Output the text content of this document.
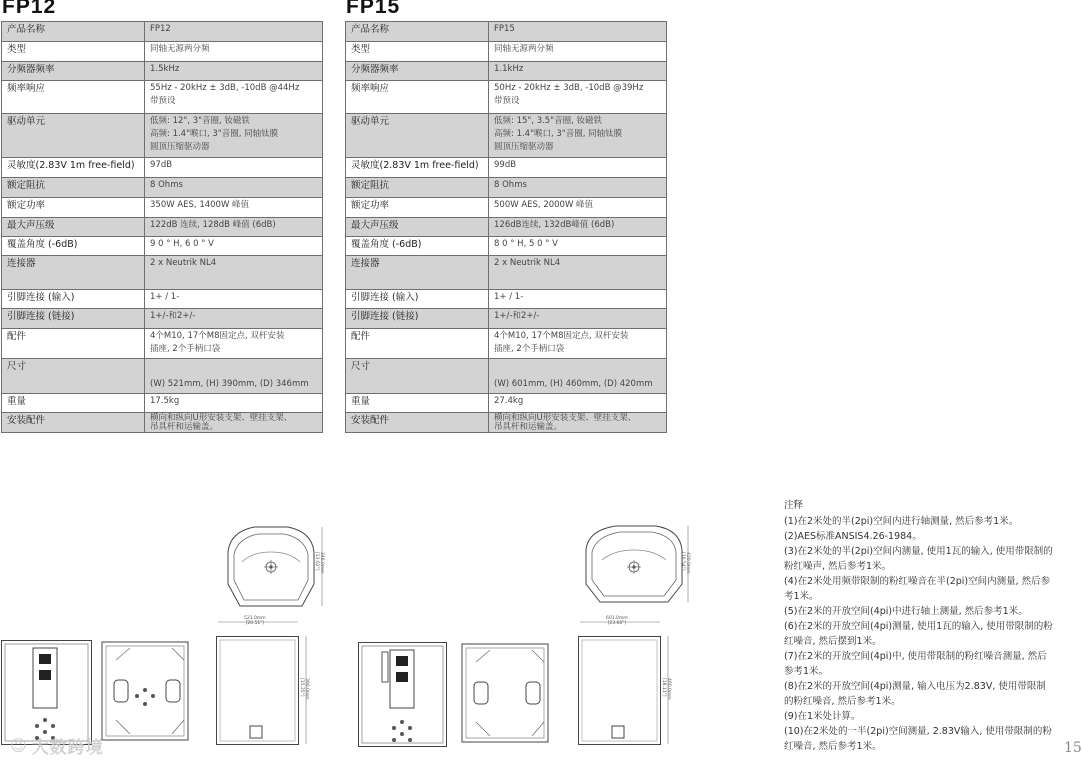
FP12	FP15
产品名称	FP12
类型	同轴无源两分频
分频器频率	1.5kHz
频率响应	55Hz - 20kHz ± 3dB, -10dB @44Hz
带预设
驱动单元	低频: 12", 3"音圈, 钕磁铁
高频: 1.4"喉口, 3"音圈, 同轴钛膜
圆顶压缩驱动器
灵敏度(2.83V 1m free-field)	97dB
额定阻抗	8 Ohms
额定功率	350W AES, 1400W 峰值
最大声压级	122dB 连续, 128dB 峰值 (6dB)
覆盖角度 (-6dB)	9 0 ° H, 6 0 ° V
连接器	2 x Neutrik NL4
引脚连接 (输入)	1+ / 1-
引脚连接 (链接)	1+/-和2+/-
配件	4个M10, 17个M8固定点, 双杆安装
插座, 2个手柄口袋
尺寸	(W) 521mm, (H) 390mm, (D) 346mm
重量	17.5kg
安装配件	横向和纵向U形安装支架、壁挂支架、
吊具杆和运输盖。
产品名称	FP15
类型	同轴无源两分频
分频器频率	1.1kHz
频率响应	50Hz - 20kHz ± 3dB, -10dB @39Hz
带预设
驱动单元	低频: 15", 3.5"音圈, 钕磁铁
高频: 1.4"喉口, 3"音圈, 同轴钛膜
圆顶压缩驱动器
灵敏度(2.83V 1m free-field)	99dB
额定阻抗	8 Ohms
额定功率	500W AES, 2000W 峰值
最大声压级	126dB连续, 132dB峰值 (6dB)
覆盖角度 (-6dB)	8 0 ° H, 5 0 ° V
连接器	2 x Neutrik NL4
引脚连接 (输入)	1+ / 1-
引脚连接 (链接)	1+/-和2+/-
配件	4个M10, 17个M8固定点, 双杆安装
插座, 2个手柄口袋
尺寸	(W) 601mm, (H) 460mm, (D) 420mm
重量	27.4kg
安装配件	横向和纵向U形安装支架、壁挂支架、
吊具杆和运输盖。
346.0mm
[13.62"]
521.0mm
[20.51"]
390.0mm
[15.35"]
420.0mm
[16.54"]
601.0mm
[23.66"]
460.0mm
[18.11"]
注释
(1)在2米处的半(2pi)空间内进行轴测量, 然后参考1米。
(2)AES标准ANSIS4.26-1984。
(3)在2米处的半(2pi)空间内测量, 使用1瓦的输入, 使用带限制的粉红噪声, 然后参考1米。
(4)在2米处用频带限制的粉红噪音在半(2pi)空间内测量, 然后参考1米。
(5)在2米的开放空间(4pi)中进行轴上测量, 然后参考1米。
(6)在2米的开放空间(4pi)测量, 使用1瓦的输入, 使用带限制的粉红噪音, 然后摆到1米。
(7)在2米的开放空间(4pi)中, 使用带限制的粉红噪音测量, 然后参考1米。
(8)在2米的开放空间(4pi)测量, 输入电压为2.83V, 使用带限制的粉红噪音, 然后参考1米。
(9)在1米处计算。
(10)在2米处的一半(2pi)空间测量, 2.83V输入, 使用带限制的粉红噪音, 然后参考1米。	15
☺ 大数跨境
